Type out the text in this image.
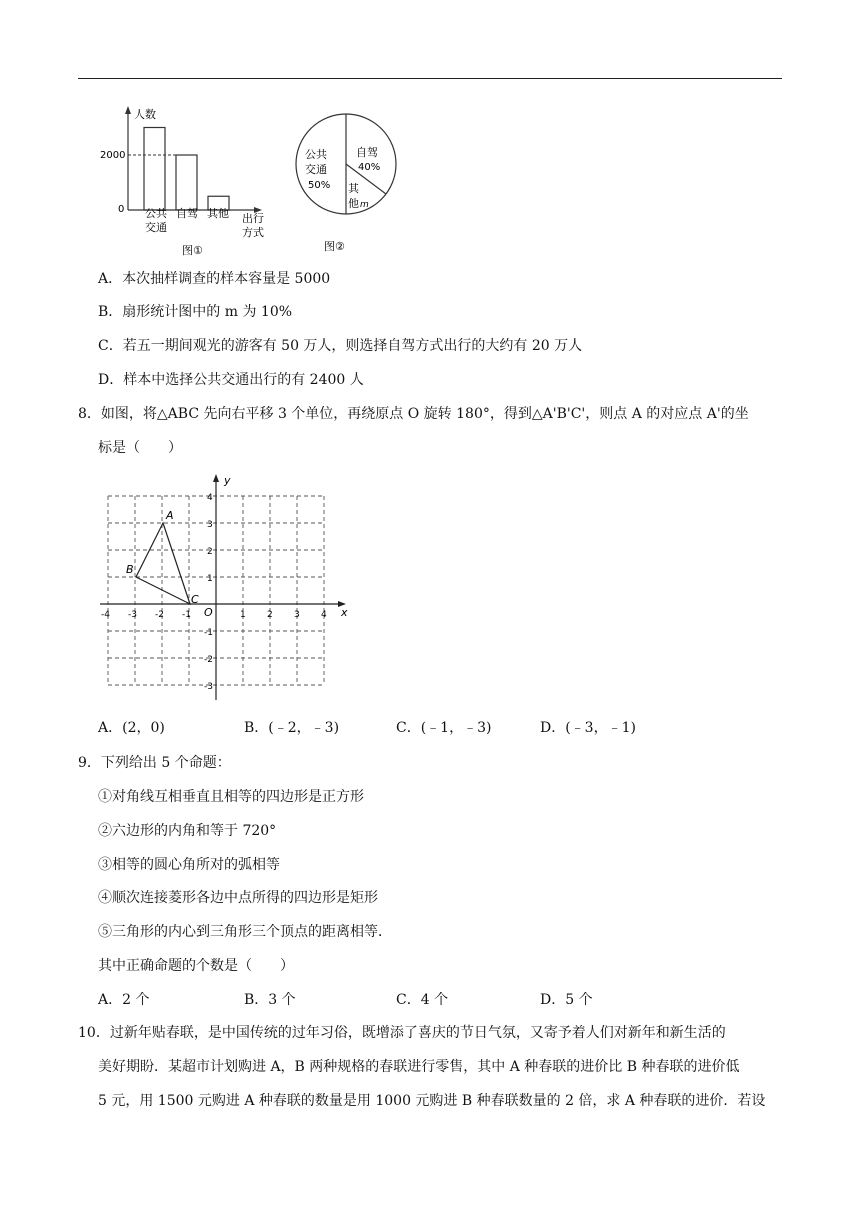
人数
2000
0 公共
交通
自驾 其他 出行
方式
图①
公共
交通
50%
自驾
40%
其
他 m
图②
A．本次抽样调查的样本容量是 5000
B．扇形统计图中的 m 为 10%
C．若五一期间观光的游客有 50 万人，则选择自驾方式出行的大约有 20 万人
D．样本中选择公共交通出行的有 2400 人
8．如图，将△ABC 先向右平移 3 个单位，再绕原点 O 旋转 180°，得到△A'B'C'，则点 A 的对应点 A'的坐
标是（　　）
-4 -3 -2 -1	1 2 3 4
4
3
2
1
-1
-2
-3
y
x
O
A
B
C
A．(2，0)	B．(﹣2，﹣3)	C．(﹣1，﹣3)	D．(﹣3，﹣1)
9．下列给出 5 个命题：
①对角线互相垂直且相等的四边形是正方形
②六边形的内角和等于 720°
③相等的圆心角所对的弧相等
④顺次连接菱形各边中点所得的四边形是矩形
⑤三角形的内心到三角形三个顶点的距离相等．
其中正确命题的个数是（　　）
A．2 个	B．3 个	C．4 个	D．5 个
10．过新年贴春联，是中国传统的过年习俗，既增添了喜庆的节日气氛，又寄予着人们对新年和新生活的
美好期盼．某超市计划购进 A，B 两种规格的春联进行零售，其中 A 种春联的进价比 B 种春联的进价低
5 元，用 1500 元购进 A 种春联的数量是用 1000 元购进 B 种春联数量的 2 倍，求 A 种春联的进价．若设
